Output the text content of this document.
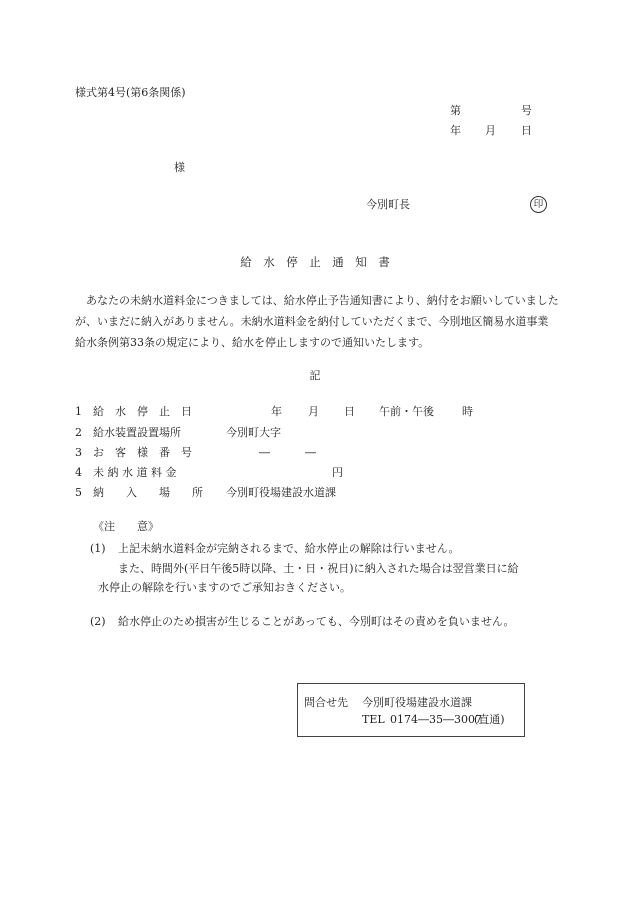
様式第4号(第6条関係)
第	号
年 月 日
様
今別町長	印
給　水　停　止　通　知　書
あなたの未納水道料金につきましては、給水停止予告通知書により、納付をお願いしていましたが、いまだに納入がありません。未納水道料金を納付していただくまで、今別地区簡易水道事業給水条例第33条の規定により、給水を停止しますので通知いたします。
記
1 給　水　停　止　日	年 月 日 午前・午後	時
2 給水装置設置場所	今別町大字
3 お　客　様　番　号	―	―
4 未 納 水 道 料 金	円
5 納　　入　　場　　所 今別町役場建設水道課
《注　　意》
(1) 上記未納水道料金が完納されるまで、給水停止の解除は行いません。
また、時間外(平日午後5時以降、土・日・祝日)に納入された場合は翌営業日に給
水停止の解除を行いますのでご承知おきください。
(2) 給水停止のため損害が生じることがあっても、今別町はその責めを負いません。
問合せ先 今別町役場建設水道課
TEL 0174―35―3007
(直通)
